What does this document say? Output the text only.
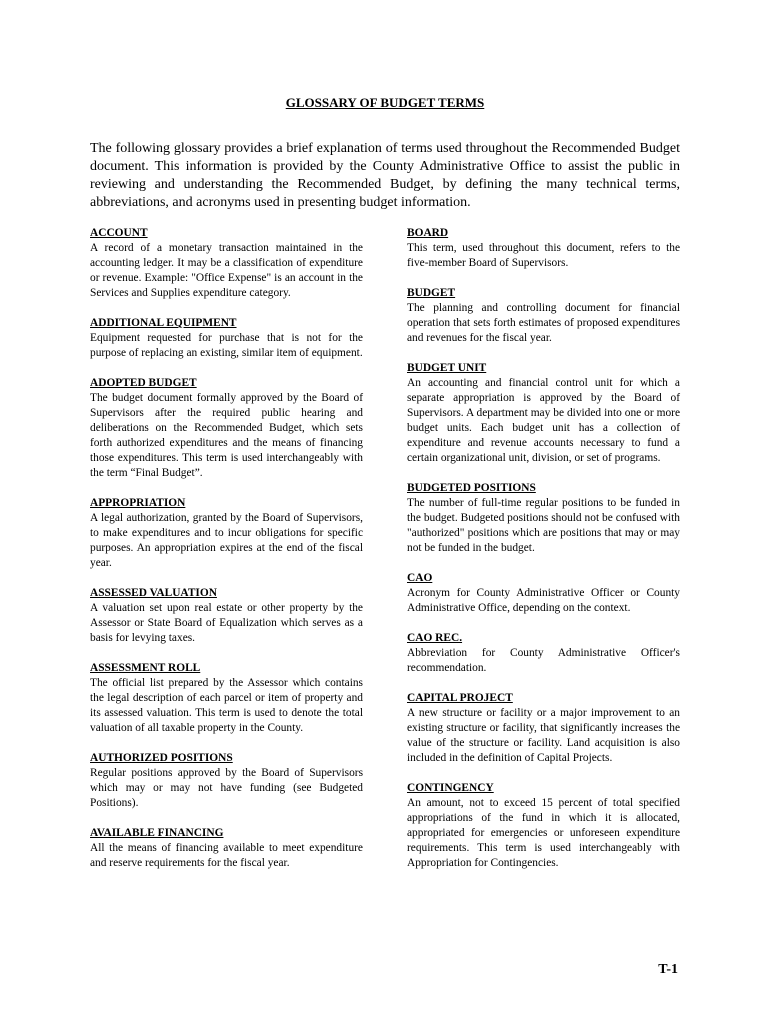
GLOSSARY OF BUDGET TERMS

The following glossary provides a brief explanation of terms used throughout the Recommended Budget document. This information is provided by the County Administrative Office to assist the public in reviewing and understanding the Recommended Budget, by defining the many technical terms, abbreviations, and acronyms used in presenting budget information.

ACCOUNT
A record of a monetary transaction maintained in the accounting ledger. It may be a classification of expenditure or revenue. Example: "Office Expense" is an account in the Services and Supplies expenditure category.
ADDITIONAL EQUIPMENT
Equipment requested for purchase that is not for the purpose of replacing an existing, similar item of equipment.
ADOPTED BUDGET
The budget document formally approved by the Board of Supervisors after the required public hearing and deliberations on the Recommended Budget, which sets forth authorized expenditures and the means of financing those expenditures. This term is used interchangeably with the term “Final Budget”.
APPROPRIATION
A legal authorization, granted by the Board of Supervisors, to make expenditures and to incur obligations for specific purposes. An appropriation expires at the end of the fiscal year.
ASSESSED VALUATION
A valuation set upon real estate or other property by the Assessor or State Board of Equalization which serves as a basis for levying taxes.
ASSESSMENT ROLL
The official list prepared by the Assessor which contains the legal description of each parcel or item of property and its assessed valuation. This term is used to denote the total valuation of all taxable property in the County.
AUTHORIZED POSITIONS
Regular positions approved by the Board of Supervisors which may or may not have funding (see Budgeted Positions).
AVAILABLE FINANCING
All the means of financing available to meet expenditure and reserve requirements for the fiscal year.
BOARD
This term, used throughout this document, refers to the five-member Board of Supervisors.
BUDGET
The planning and controlling document for financial operation that sets forth estimates of proposed expenditures and revenues for the fiscal year.
BUDGET UNIT
An accounting and financial control unit for which a separate appropriation is approved by the Board of Supervisors. A department may be divided into one or more budget units. Each budget unit has a collection of expenditure and revenue accounts necessary to fund a certain organizational unit, division, or set of programs.
BUDGETED POSITIONS
The number of full-time regular positions to be funded in the budget. Budgeted positions should not be confused with "authorized" positions which are positions that may or may not be funded in the budget.
CAO
Acronym for County Administrative Officer or County Administrative Office, depending on the context.
CAO REC.
Abbreviation for County Administrative Officer's recommendation.
CAPITAL PROJECT
A new structure or facility or a major improvement to an existing structure or facility, that significantly increases the value of the structure or facility. Land acquisition is also included in the definition of Capital Projects.
CONTINGENCY
An amount, not to exceed 15 percent of total specified appropriations of the fund in which it is allocated, appropriated for emergencies or unforeseen expenditure requirements. This term is used interchangeably with Appropriation for Contingencies.
T-1
